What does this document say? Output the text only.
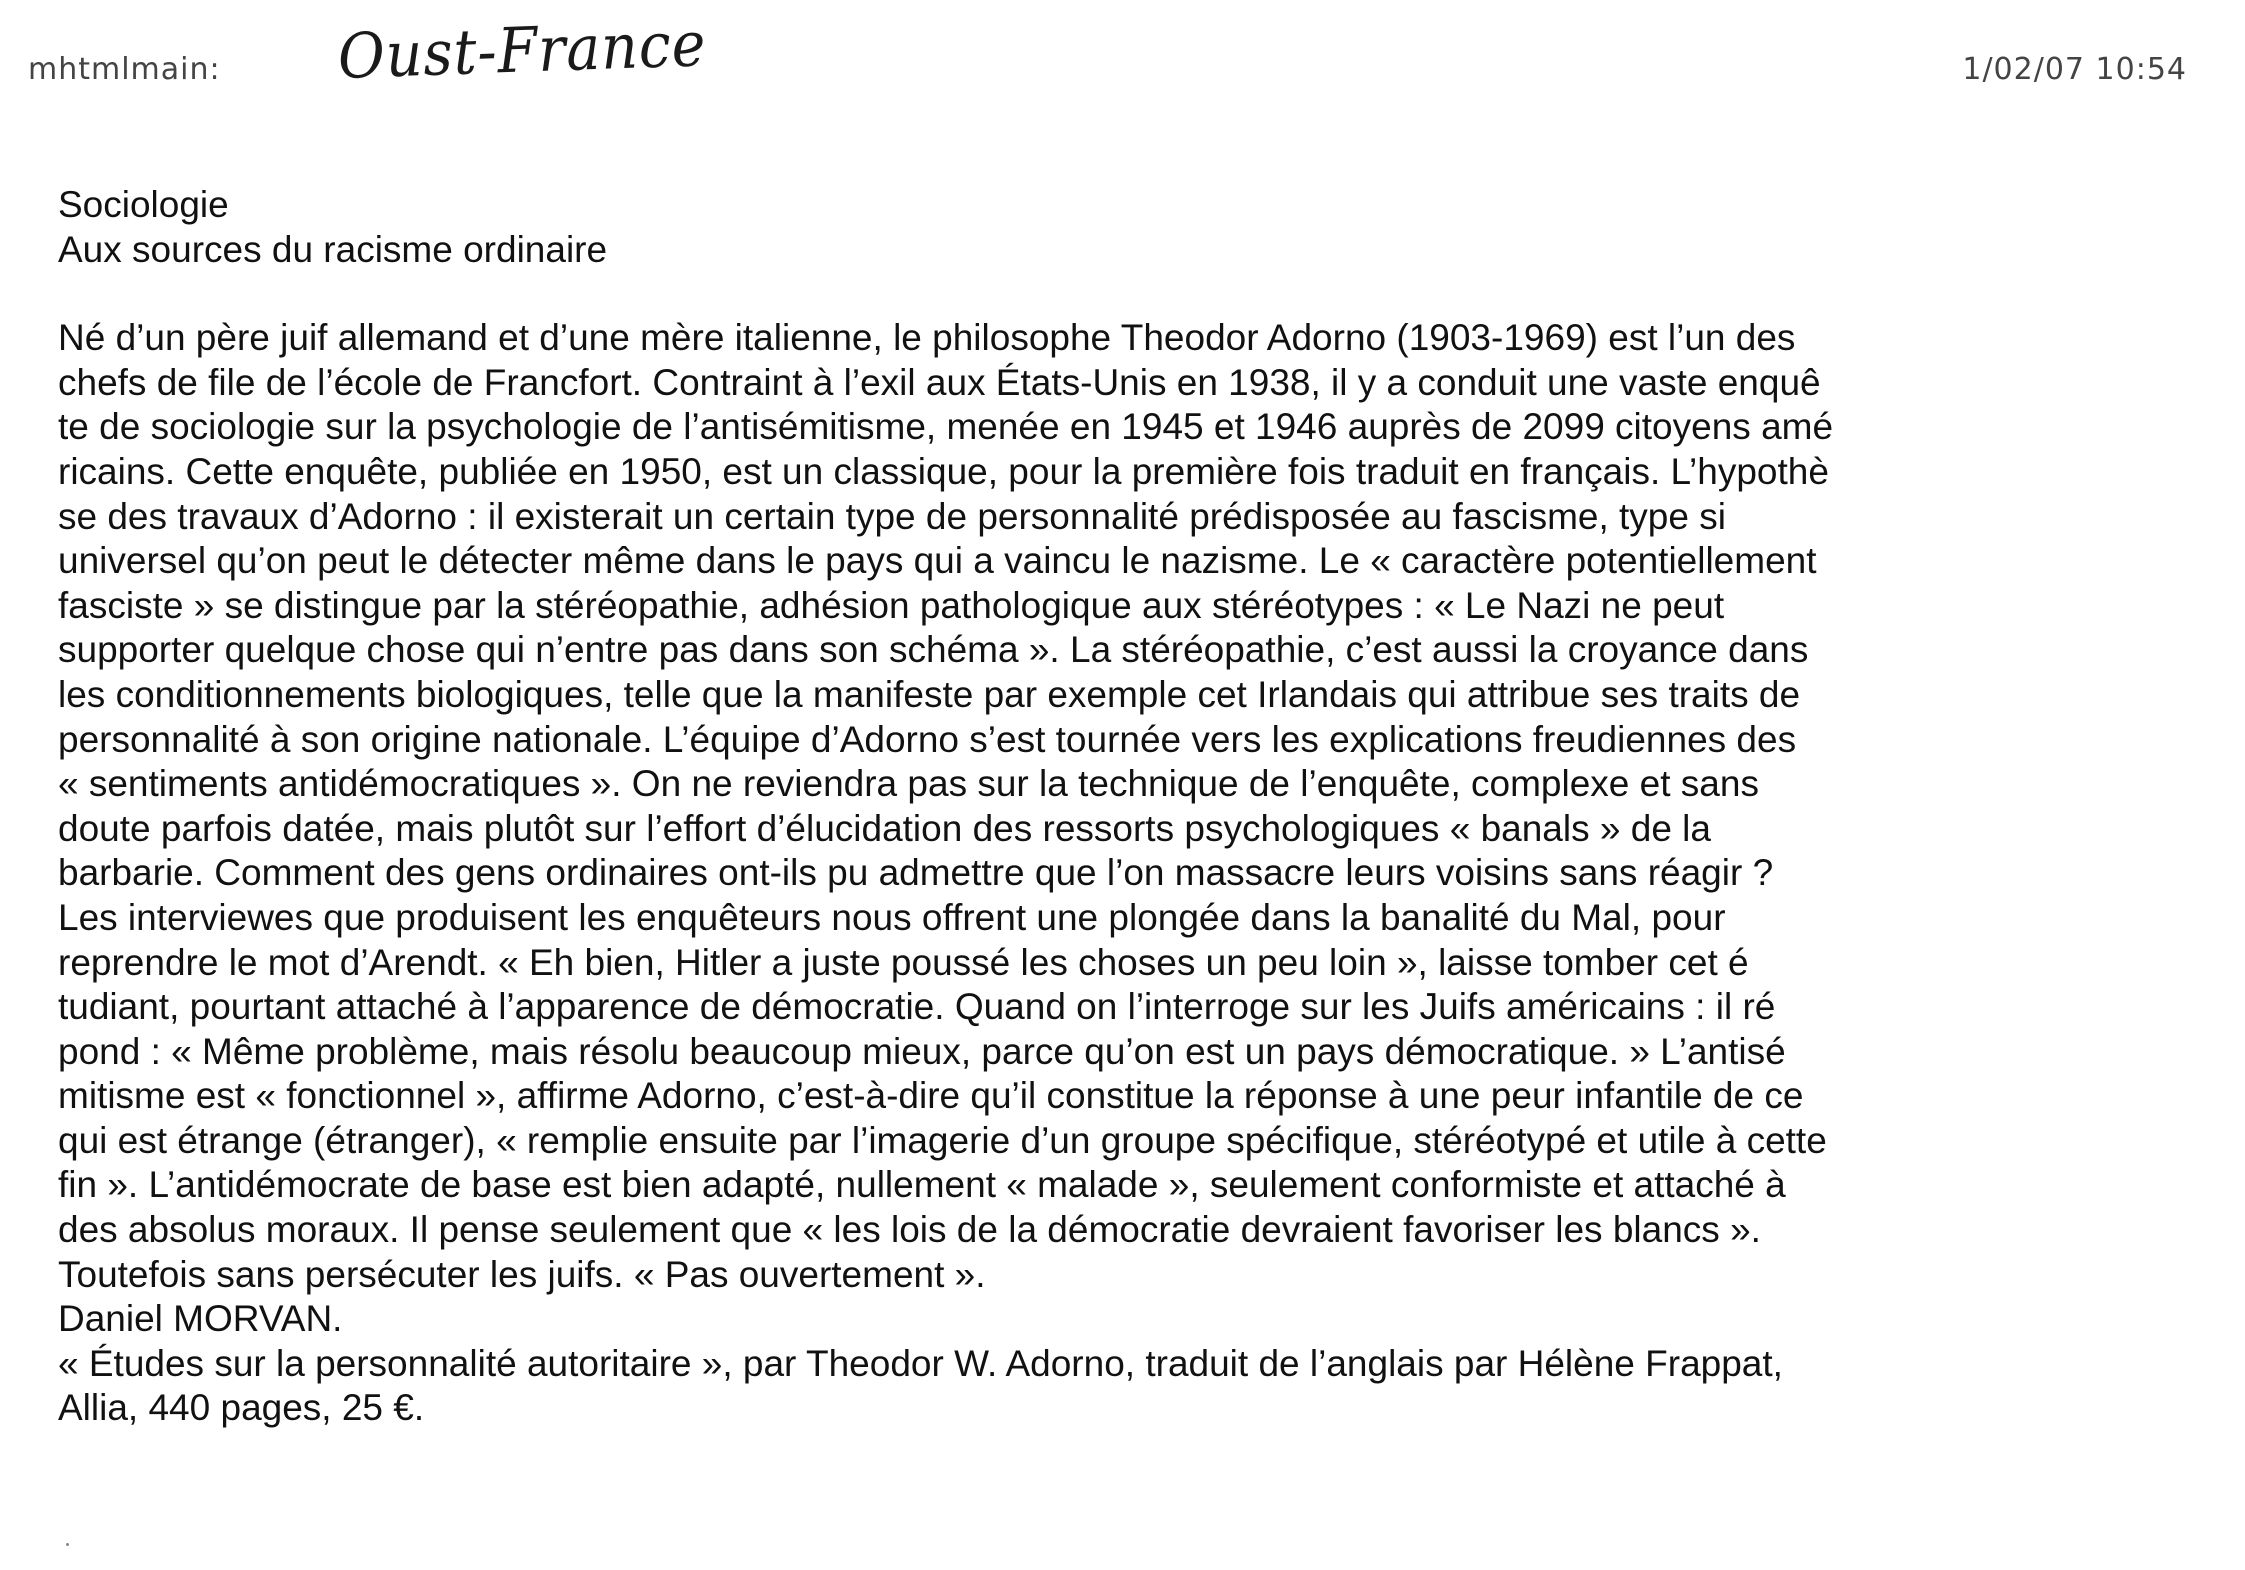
mhtmlmain: Oust-France	1/02/07 10:54
Sociologie
Aux sources du racisme ordinaire
Né d’un père juif allemand et d’une mère italienne, le philosophe Theodor Adorno (1903-1969) est l’un des
chefs de file de l’école de Francfort. Contraint à l’exil aux États-Unis en 1938, il y a conduit une vaste enquê
te de sociologie sur la psychologie de l’antisémitisme, menée en 1945 et 1946 auprès de 2099 citoyens amé
ricains. Cette enquête, publiée en 1950, est un classique, pour la première fois traduit en français. L’hypothè
se des travaux d’Adorno : il existerait un certain type de personnalité prédisposée au fascisme, type si
universel qu’on peut le détecter même dans le pays qui a vaincu le nazisme. Le « caractère potentiellement
fasciste » se distingue par la stéréopathie, adhésion pathologique aux stéréotypes : « Le Nazi ne peut
supporter quelque chose qui n’entre pas dans son schéma ». La stéréopathie, c’est aussi la croyance dans
les conditionnements biologiques, telle que la manifeste par exemple cet Irlandais qui attribue ses traits de
personnalité à son origine nationale. L’équipe d’Adorno s’est tournée vers les explications freudiennes des
« sentiments antidémocratiques ». On ne reviendra pas sur la technique de l’enquête, complexe et sans
doute parfois datée, mais plutôt sur l’effort d’élucidation des ressorts psychologiques « banals » de la
barbarie. Comment des gens ordinaires ont-ils pu admettre que l’on massacre leurs voisins sans réagir ?
Les interviewes que produisent les enquêteurs nous offrent une plongée dans la banalité du Mal, pour
reprendre le mot d’Arendt. « Eh bien, Hitler a juste poussé les choses un peu loin », laisse tomber cet é
tudiant, pourtant attaché à l’apparence de démocratie. Quand on l’interroge sur les Juifs américains : il ré
pond : « Même problème, mais résolu beaucoup mieux, parce qu’on est un pays démocratique. » L’antisé
mitisme est « fonctionnel », affirme Adorno, c’est-à-dire qu’il constitue la réponse à une peur infantile de ce
qui est étrange (étranger), « remplie ensuite par l’imagerie d’un groupe spécifique, stéréotypé et utile à cette
fin ». L’antidémocrate de base est bien adapté, nullement « malade », seulement conformiste et attaché à
des absolus moraux. Il pense seulement que « les lois de la démocratie devraient favoriser les blancs ».
Toutefois sans persécuter les juifs. « Pas ouvertement ».
Daniel MORVAN.
« Études sur la personnalité autoritaire », par Theodor W. Adorno, traduit de l’anglais par Hélène Frappat,
Allia, 440 pages, 25 €.
